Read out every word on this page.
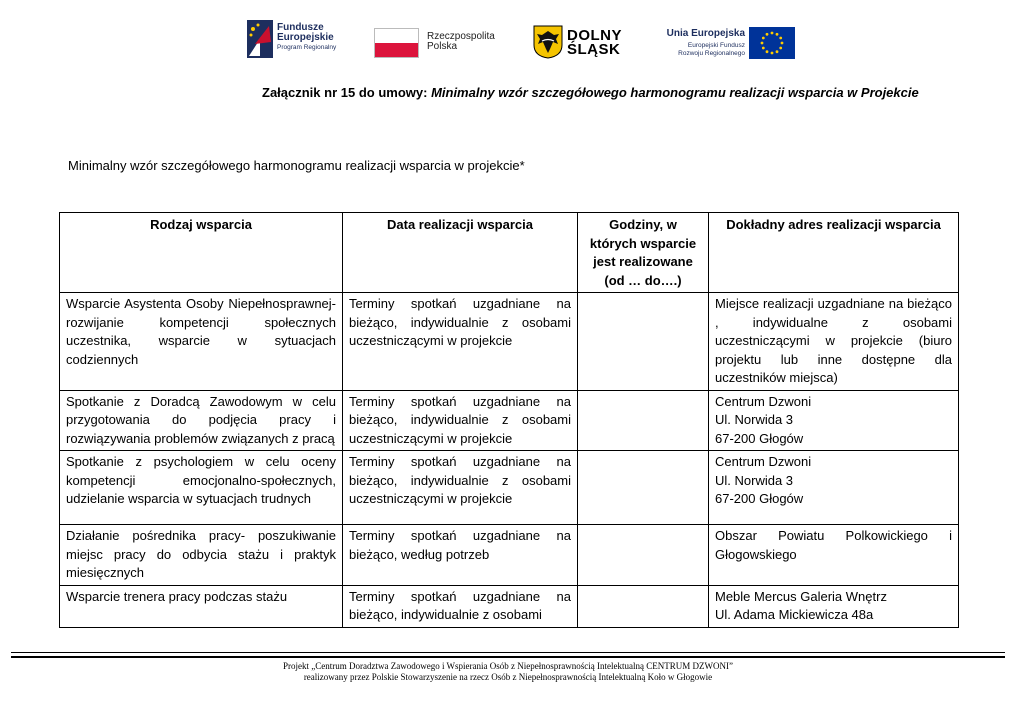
Fundusze
Europejskie
Program Regionalny
Rzeczpospolita
Polska
DOLNY
ŚLĄSK
Unia Europejska
Europejski Fundusz
Rozwoju Regionalnego
Załącznik nr 15 do umowy: Minimalny wzór szczegółowego harmonogramu realizacji wsparcia w Projekcie
Minimalny wzór szczegółowego harmonogramu realizacji wsparcia w projekcie*
Rodzaj wsparcia	Data realizacji wsparcia	Godziny, w których wsparcie jest realizowane (od … do….)	Dokładny adres realizacji wsparcia
Wsparcie Asystenta Osoby Niepełnosprawnej- rozwijanie kompetencji społecznych uczestnika, wsparcie w sytuacjach codziennych	Terminy spotkań uzgadniane na bieżąco, indywidualnie z osobami uczestniczącymi w projekcie		Miejsce realizacji uzgadniane na bieżąco , indywidualne z osobami uczestniczącymi w projekcie (biuro projektu lub inne dostępne dla uczestników miejsca)
Spotkanie z Doradcą Zawodowym w celu przygotowania do podjęcia pracy i rozwiązywania problemów związanych z pracą	Terminy spotkań uzgadniane na bieżąco, indywidualnie z osobami uczestniczącymi w projekcie		Centrum Dzwoni
Ul. Norwida 3
67-200 Głogów

Spotkanie z psychologiem w celu oceny kompetencji emocjonalno-społecznych, udzielanie wsparcia w sytuacjach trudnych	Terminy spotkań uzgadniane na bieżąco, indywidualnie z osobami uczestniczącymi w projekcie		Centrum Dzwoni
Ul. Norwida 3
67-200 Głogów

Działanie pośrednika pracy- poszukiwanie miejsc pracy do odbycia stażu i praktyk miesięcznych	Terminy spotkań uzgadniane na bieżąco, według potrzeb		Obszar Powiatu Polkowickiego i Głogowskiego

Wsparcie trenera pracy podczas stażu	Terminy spotkań uzgadniane na bieżąco, indywidualnie z osobami		Meble Mercus Galeria Wnętrz
Ul. Adama Mickiewicza 48a
Projekt „Centrum Doradztwa Zawodowego i Wspierania Osób z Niepełnosprawnością Intelektualną CENTRUM DZWONI”
realizowany przez Polskie Stowarzyszenie na rzecz Osób z Niepełnosprawnością Intelektualną Koło w Głogowie
